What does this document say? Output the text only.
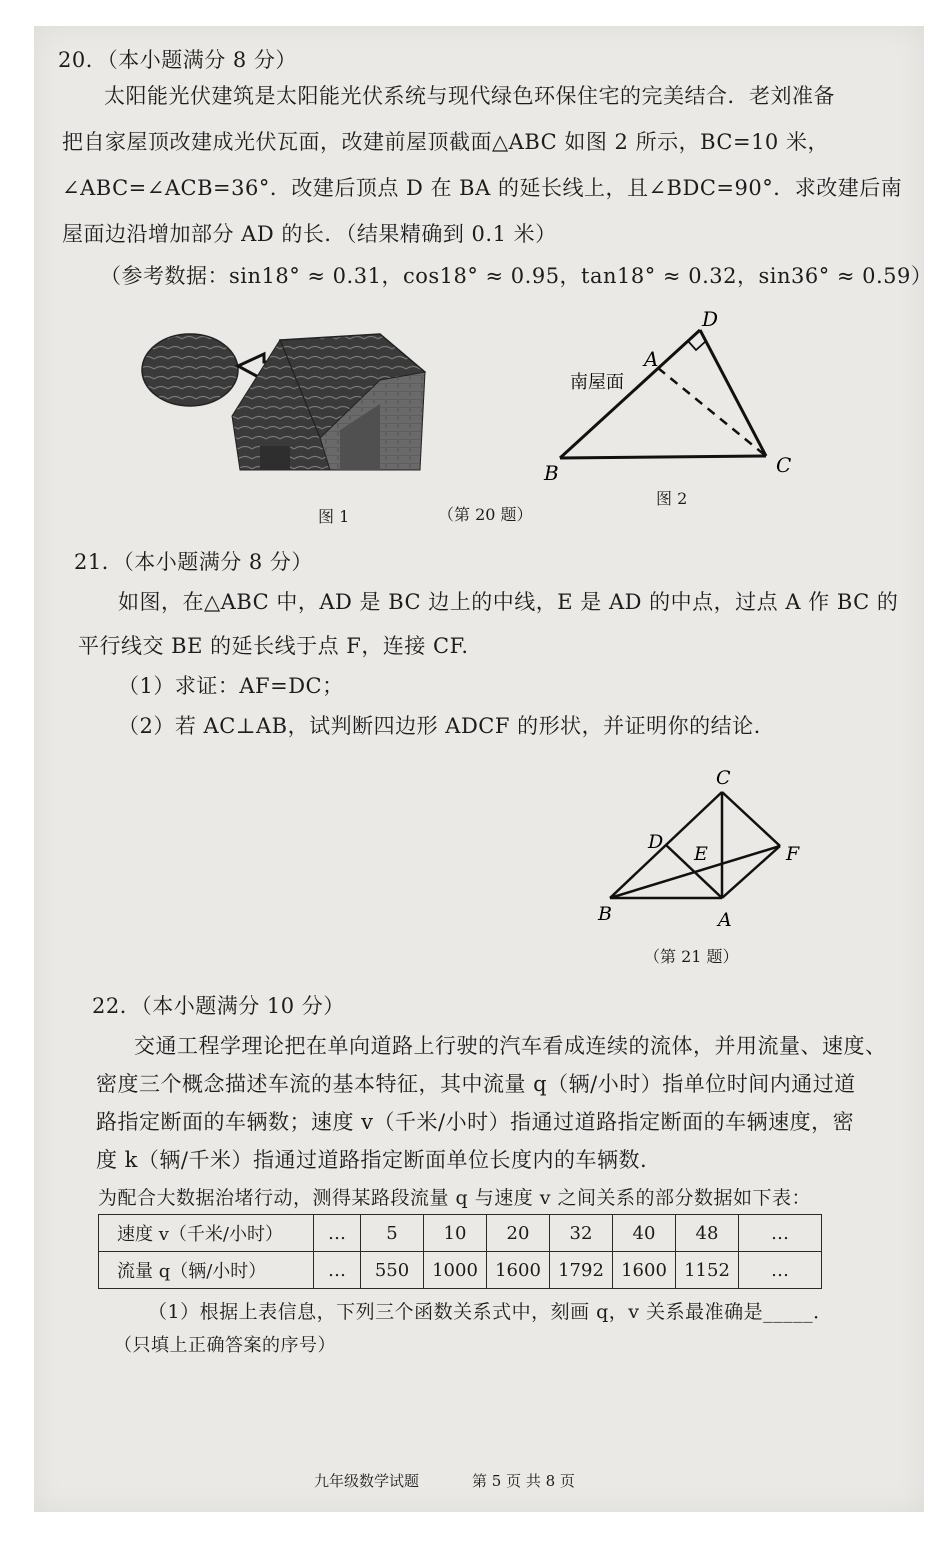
20．（本小题满分 8 分）
太阳能光伏建筑是太阳能光伏系统与现代绿色环保住宅的完美结合．老刘准备
把自家屋顶改建成光伏瓦面，改建前屋顶截面△ABC 如图 2 所示，BC=10 米，
∠ABC=∠ACB=36°．改建后顶点 D 在 BA 的延长线上，且∠BDC=90°．求改建后南
屋面边沿增加部分 AD 的长．（结果精确到 0.1 米）
（参考数据：sin18° ≈ 0.31，cos18° ≈ 0.95，tan18° ≈ 0.32，sin36° ≈ 0.59）
图 1	（第 20 题）
D
A
B	C
南屋面
图 2
21．（本小题满分 8 分）
如图，在△ABC 中，AD 是 BC 边上的中线，E 是 AD 的中点，过点 A 作 BC 的
平行线交 BE 的延长线于点 F，连接 CF.
（1）求证：AF=DC；
（2）若 AC⊥AB，试判断四边形 ADCF 的形状，并证明你的结论.
C
D
E	F
B	A
（第 21 题）
22．（本小题满分 10 分）
交通工程学理论把在单向道路上行驶的汽车看成连续的流体，并用流量、速度、
密度三个概念描述车流的基本特征，其中流量 q（辆/小时）指单位时间内通过道
路指定断面的车辆数；速度 v（千米/小时）指通过道路指定断面的车辆速度，密
度 k（辆/千米）指通过道路指定断面单位长度内的车辆数.
为配合大数据治堵行动，测得某路段流量 q 与速度 v 之间关系的部分数据如下表：
速度 v（千米/小时）	…	5	10	20	32	40	48	…
流量 q（辆/小时）	…	550	1000	1600	1792	1600	1152	…
（1）根据上表信息，下列三个函数关系式中，刻画 q，v 关系最准确是_____．
（只填上正确答案的序号）
九年级数学试题	第 5 页 共 8 页
